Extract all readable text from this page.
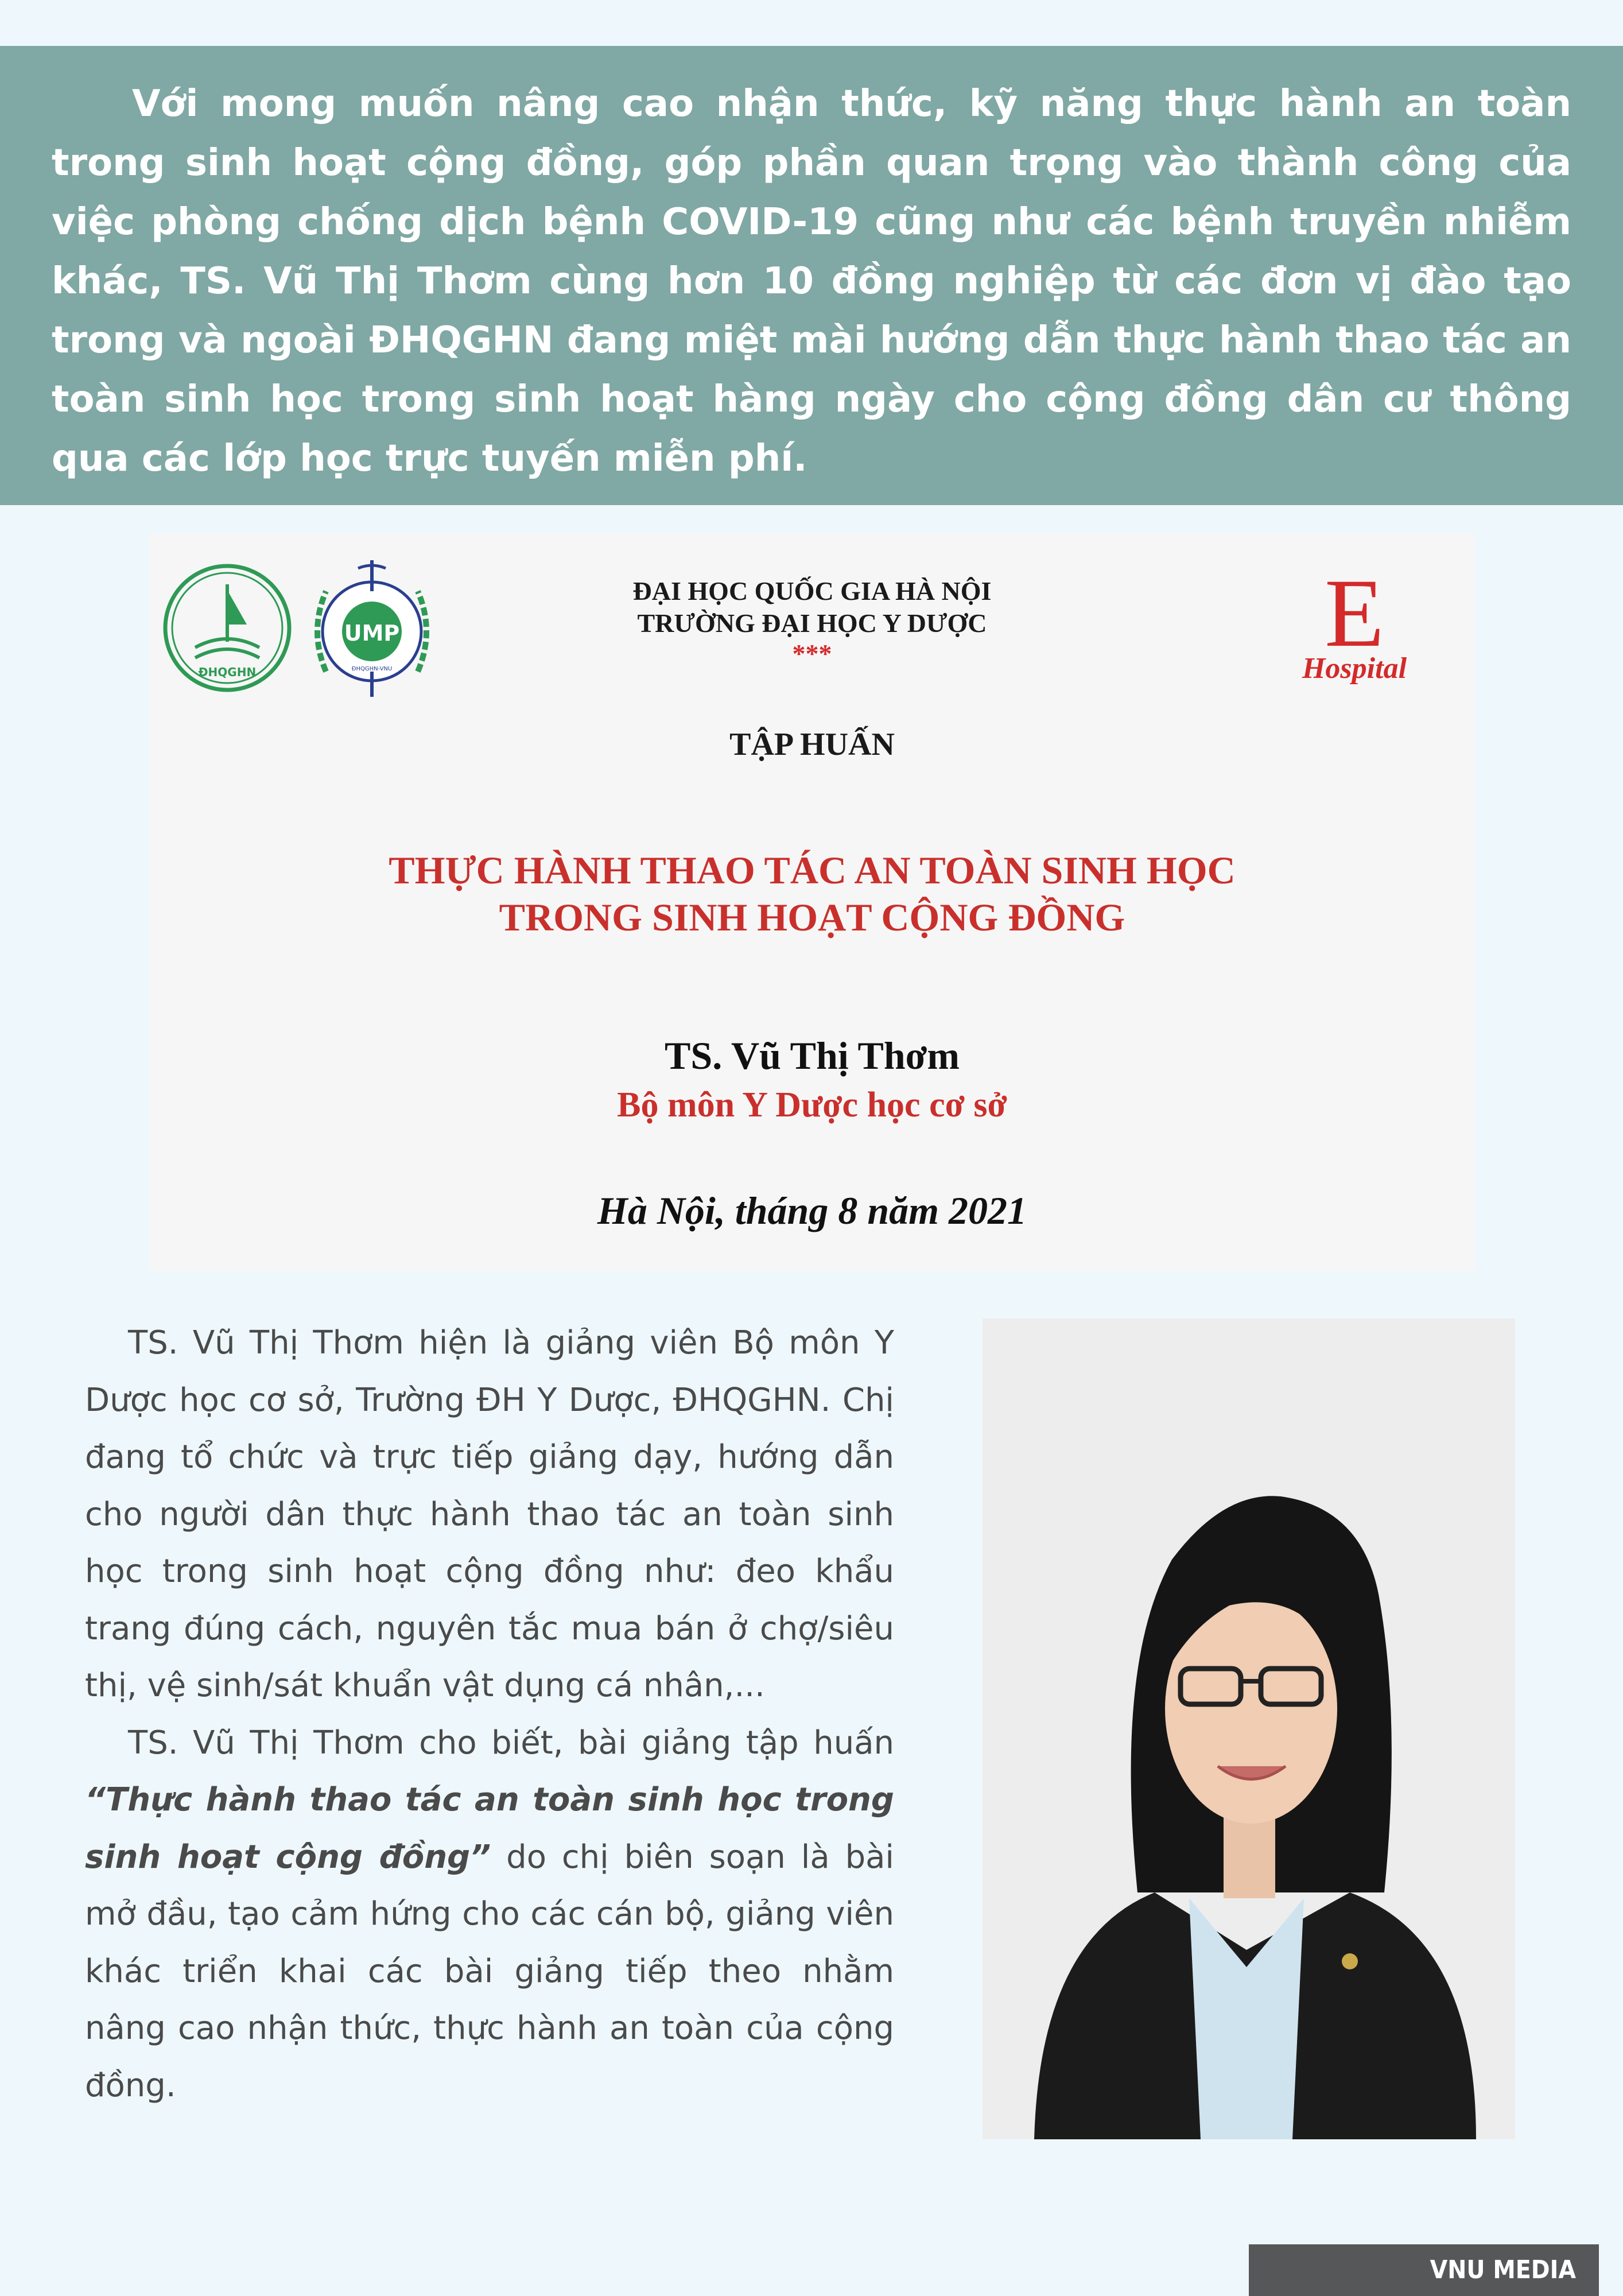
Với mong muốn nâng cao nhận thức, kỹ năng thực hành an toàn trong sinh hoạt cộng đồng, góp phần quan trọng vào thành công của việc phòng chống dịch bệnh COVID-19 cũng như các bệnh truyền nhiễm khác, TS. Vũ Thị Thơm cùng hơn 10 đồng nghiệp từ các đơn vị đào tạo trong và ngoài ĐHQGHN đang miệt mài hướng dẫn thực hành thao tác an toàn sinh học trong sinh hoạt hàng ngày cho cộng đồng dân cư thông qua các lớp học trực tuyến miễn phí.

ĐHQGHN
UMP
ĐHQGHN-VNU
E
Hospital
ĐẠI HỌC QUỐC GIA HÀ NỘI
TRƯỜNG ĐẠI HỌC Y DƯỢC
***
TẬP HUẤN
THỰC HÀNH THAO TÁC AN TOÀN SINH HỌC
TRONG SINH HOẠT CỘNG ĐỒNG
TS. Vũ Thị Thơm
Bộ môn Y Dược học cơ sở
Hà Nội, tháng 8 năm 2021

TS. Vũ Thị Thơm hiện là giảng viên Bộ môn Y Dược học cơ sở, Trường ĐH Y Dược, ĐHQGHN. Chị đang tổ chức và trực tiếp giảng dạy, hướng dẫn cho người dân thực hành thao tác an toàn sinh học trong sinh hoạt cộng đồng như: đeo khẩu trang đúng cách, nguyên tắc mua bán ở chợ/siêu thị, vệ sinh/sát khuẩn vật dụng cá nhân,...

TS. Vũ Thị Thơm cho biết, bài giảng tập huấn “Thực hành thao tác an toàn sinh học trong sinh hoạt cộng đồng” do chị biên soạn là bài mở đầu, tạo cảm hứng cho các cán bộ, giảng viên khác triển khai các bài giảng tiếp theo nhằm nâng cao nhận thức, thực hành an toàn của cộng đồng.

VNU MEDIA
